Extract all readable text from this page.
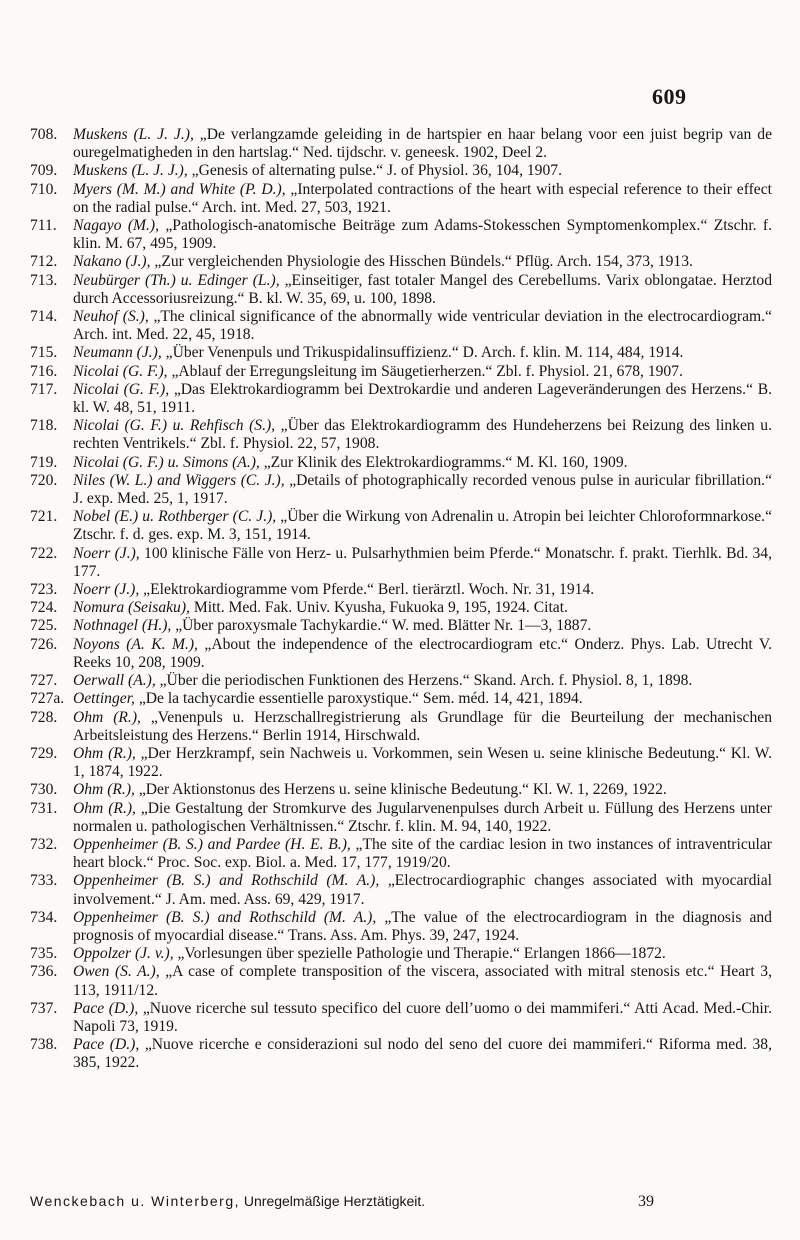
609
708.	Muskens (L. J. J.), „De verlangzamde geleiding in de hartspier en haar belang voor een juist begrip van de ouregelmatigheden in den hartslag.“ Ned. tijdschr. v. geneesk. 1902, Deel 2.
709.	Muskens (L. J. J.), „Genesis of alternating pulse.“ J. of Physiol. 36, 104, 1907.
710.	Myers (M. M.) and White (P. D.), „Interpolated contractions of the heart with especial reference to their effect on the radial pulse.“ Arch. int. Med. 27, 503, 1921.
711.	Nagayo (M.), „Pathologisch-anatomische Beiträge zum Adams-Stokesschen Symptomenkomplex.“ Ztschr. f. klin. M. 67, 495, 1909.
712.	Nakano (J.), „Zur vergleichenden Physiologie des Hisschen Bündels.“ Pflüg. Arch. 154, 373, 1913.
713.	Neubürger (Th.) u. Edinger (L.), „Einseitiger, fast totaler Mangel des Cerebellums. Varix oblongatae. Herztod durch Accessoriusreizung.“ B. kl. W. 35, 69, u. 100, 1898.
714.	Neuhof (S.), „The clinical significance of the abnormally wide ventricular deviation in the electrocardiogram.“ Arch. int. Med. 22, 45, 1918.
715.	Neumann (J.), „Über Venenpuls und Trikuspidalinsuffizienz.“ D. Arch. f. klin. M. 114, 484, 1914.
716.	Nicolai (G. F.), „Ablauf der Erregungsleitung im Säugetierherzen.“ Zbl. f. Physiol. 21, 678, 1907.
717.	Nicolai (G. F.), „Das Elektrokardiogramm bei Dextrokardie und anderen Lageveränderungen des Herzens.“ B. kl. W. 48, 51, 1911.
718.	Nicolai (G. F.) u. Rehfisch (S.), „Über das Elektrokardiogramm des Hundeherzens bei Reizung des linken u. rechten Ventrikels.“ Zbl. f. Physiol. 22, 57, 1908.
719.	Nicolai (G. F.) u. Simons (A.), „Zur Klinik des Elektrokardiogramms.“ M. Kl. 160, 1909.
720.	Niles (W. L.) and Wiggers (C. J.), „Details of photographically recorded venous pulse in auricular fibrillation.“ J. exp. Med. 25, 1, 1917.
721.	Nobel (E.) u. Rothberger (C. J.), „Über die Wirkung von Adrenalin u. Atropin bei leichter Chloroformnarkose.“ Ztschr. f. d. ges. exp. M. 3, 151, 1914.
722.	Noerr (J.), 100 klinische Fälle von Herz- u. Pulsarhythmien beim Pferde.“ Monatschr. f. prakt. Tierhlk. Bd. 34, 177.
723.	Noerr (J.), „Elektrokardiogramme vom Pferde.“ Berl. tierärztl. Woch. Nr. 31, 1914.
724.	Nomura (Seisaku), Mitt. Med. Fak. Univ. Kyusha, Fukuoka 9, 195, 1924. Citat.
725.	Nothnagel (H.), „Über paroxysmale Tachykardie.“ W. med. Blätter Nr. 1—3, 1887.
726.	Noyons (A. K. M.), „About the independence of the electrocardiogram etc.“ Onderz. Phys. Lab. Utrecht V. Reeks 10, 208, 1909.
727.	Oerwall (A.), „Über die periodischen Funktionen des Herzens.“ Skand. Arch. f. Physiol. 8, 1, 1898.
727a. Oettinger, „De la tachycardie essentielle paroxystique.“ Sem. méd. 14, 421, 1894.
728.	Ohm (R.), „Venenpuls u. Herzschallregistrierung als Grundlage für die Beurteilung der mechanischen Arbeitsleistung des Herzens.“ Berlin 1914, Hirschwald.
729.	Ohm (R.), „Der Herzkrampf, sein Nachweis u. Vorkommen, sein Wesen u. seine klinische Bedeutung.“ Kl. W. 1, 1874, 1922.
730.	Ohm (R.), „Der Aktionstonus des Herzens u. seine klinische Bedeutung.“ Kl. W. 1, 2269, 1922.
731.	Ohm (R.), „Die Gestaltung der Stromkurve des Jugularvenenpulses durch Arbeit u. Füllung des Herzens unter normalen u. pathologischen Verhältnissen.“ Ztschr. f. klin. M. 94, 140, 1922.
732.	Oppenheimer (B. S.) and Pardee (H. E. B.), „The site of the cardiac lesion in two instances of intraventricular heart block.“ Proc. Soc. exp. Biol. a. Med. 17, 177, 1919/20.
733.	Oppenheimer (B. S.) and Rothschild (M. A.), „Electrocardiographic changes associated with myocardial involvement.“ J. Am. med. Ass. 69, 429, 1917.
734.	Oppenheimer (B. S.) and Rothschild (M. A.), „The value of the electrocardiogram in the diagnosis and prognosis of myocardial disease.“ Trans. Ass. Am. Phys. 39, 247, 1924.
735.	Oppolzer (J. v.), „Vorlesungen über spezielle Pathologie und Therapie.“ Erlangen 1866—1872.
736.	Owen (S. A.), „A case of complete transposition of the viscera, associated with mitral stenosis etc.“ Heart 3, 113, 1911/12.
737.	Pace (D.), „Nuove ricerche sul tessuto specifico del cuore dell’uomo o dei mammiferi.“ Atti Acad. Med.-Chir. Napoli 73, 1919.
738.	Pace (D.), „Nuove ricerche e considerazioni sul nodo del seno del cuore dei mammiferi.“ Riforma med. 38, 385, 1922.
Wenckebach u. Winterberg, Unregelmäßige Herztätigkeit.	39
